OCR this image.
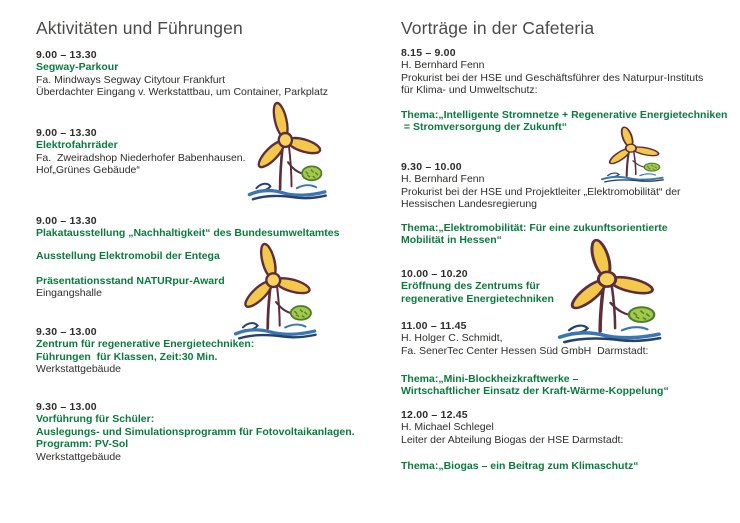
Aktivitäten und Führungen	Vorträge in der Cafeteria
9.00 – 13.30
Segway-Parkour
Fa. Mindways Segway Citytour Frankfurt
Überdachter Eingang v. Werkstattbau, um Container, Parkplatz
9.00 – 13.30
Elektrofahrräder
Fa.  Zweiradshop Niederhofer Babenhausen.
Hof„Grünes Gebäude“
9.00 – 13.30
Plakatausstellung „Nachhaltigkeit“ des Bundesumweltamtes
Ausstellung Elektromobil der Entega
Präsentationsstand NATURpur-Award
Eingangshalle
9.30 – 13.00
Zentrum für regenerative Energietechniken:
Führungen  für Klassen, Zeit:30 Min.
Werkstattgebäude
9.30 – 13.00
Vorführung für Schüler:
Auslegungs- und Simulationsprogramm für Fotovoltaikanlagen.
Programm: PV-Sol
Werkstattgebäude
8.15 – 9.00
H. Bernhard Fenn
Prokurist bei der HSE und Geschäftsführer des Naturpur-Instituts
für Klima- und Umweltschutz:
Thema:„Intelligente Stromnetze + Regenerative Energietechniken
= Stromversorgung der Zukunft“
9.30 – 10.00
H. Bernhard Fenn
Prokurist bei der HSE und Projektleiter „Elektromobilität“ der
Hessischen Landesregierung
Thema:„Elektromobilität: Für eine zukunftsorientierte
Mobilität in Hessen“
10.00 – 10.20
Eröffnung des Zentrums für
regenerative Energietechniken
11.00 – 11.45
H. Holger C. Schmidt,
Fa. SenerTec Center Hessen Süd GmbH  Darmstadt:
Thema:„Mini-Blockheizkraftwerke –
Wirtschaftlicher Einsatz der Kraft-Wärme-Koppelung“
12.00 – 12.45
H. Michael Schlegel
Leiter der Abteilung Biogas der HSE Darmstadt:
Thema:„Biogas – ein Beitrag zum Klimaschutz“
